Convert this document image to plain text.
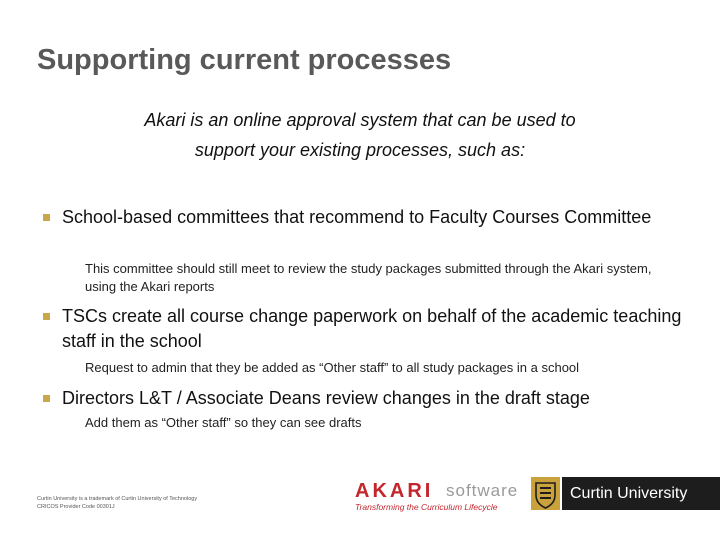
Supporting current processes
Akari is an online approval system that can be used to
support your existing processes, such as:
School-based committees that recommend to Faculty Courses Committee
This committee should still meet to review the study packages submitted through the Akari system, using the Akari reports
TSCs create all course change paperwork on behalf of the academic teaching staff in the school
Request to admin that they be added as “Other staff” to all study packages in a school
Directors L&T / Associate Deans review changes in the draft stage
Add them as “Other staff” so they can see drafts
Curtin University is a trademark of Curtin University of Technology
CRICOS Provider Code 00301J
AKARI software
Transforming the Curriculum Lifecycle
Curtin University
